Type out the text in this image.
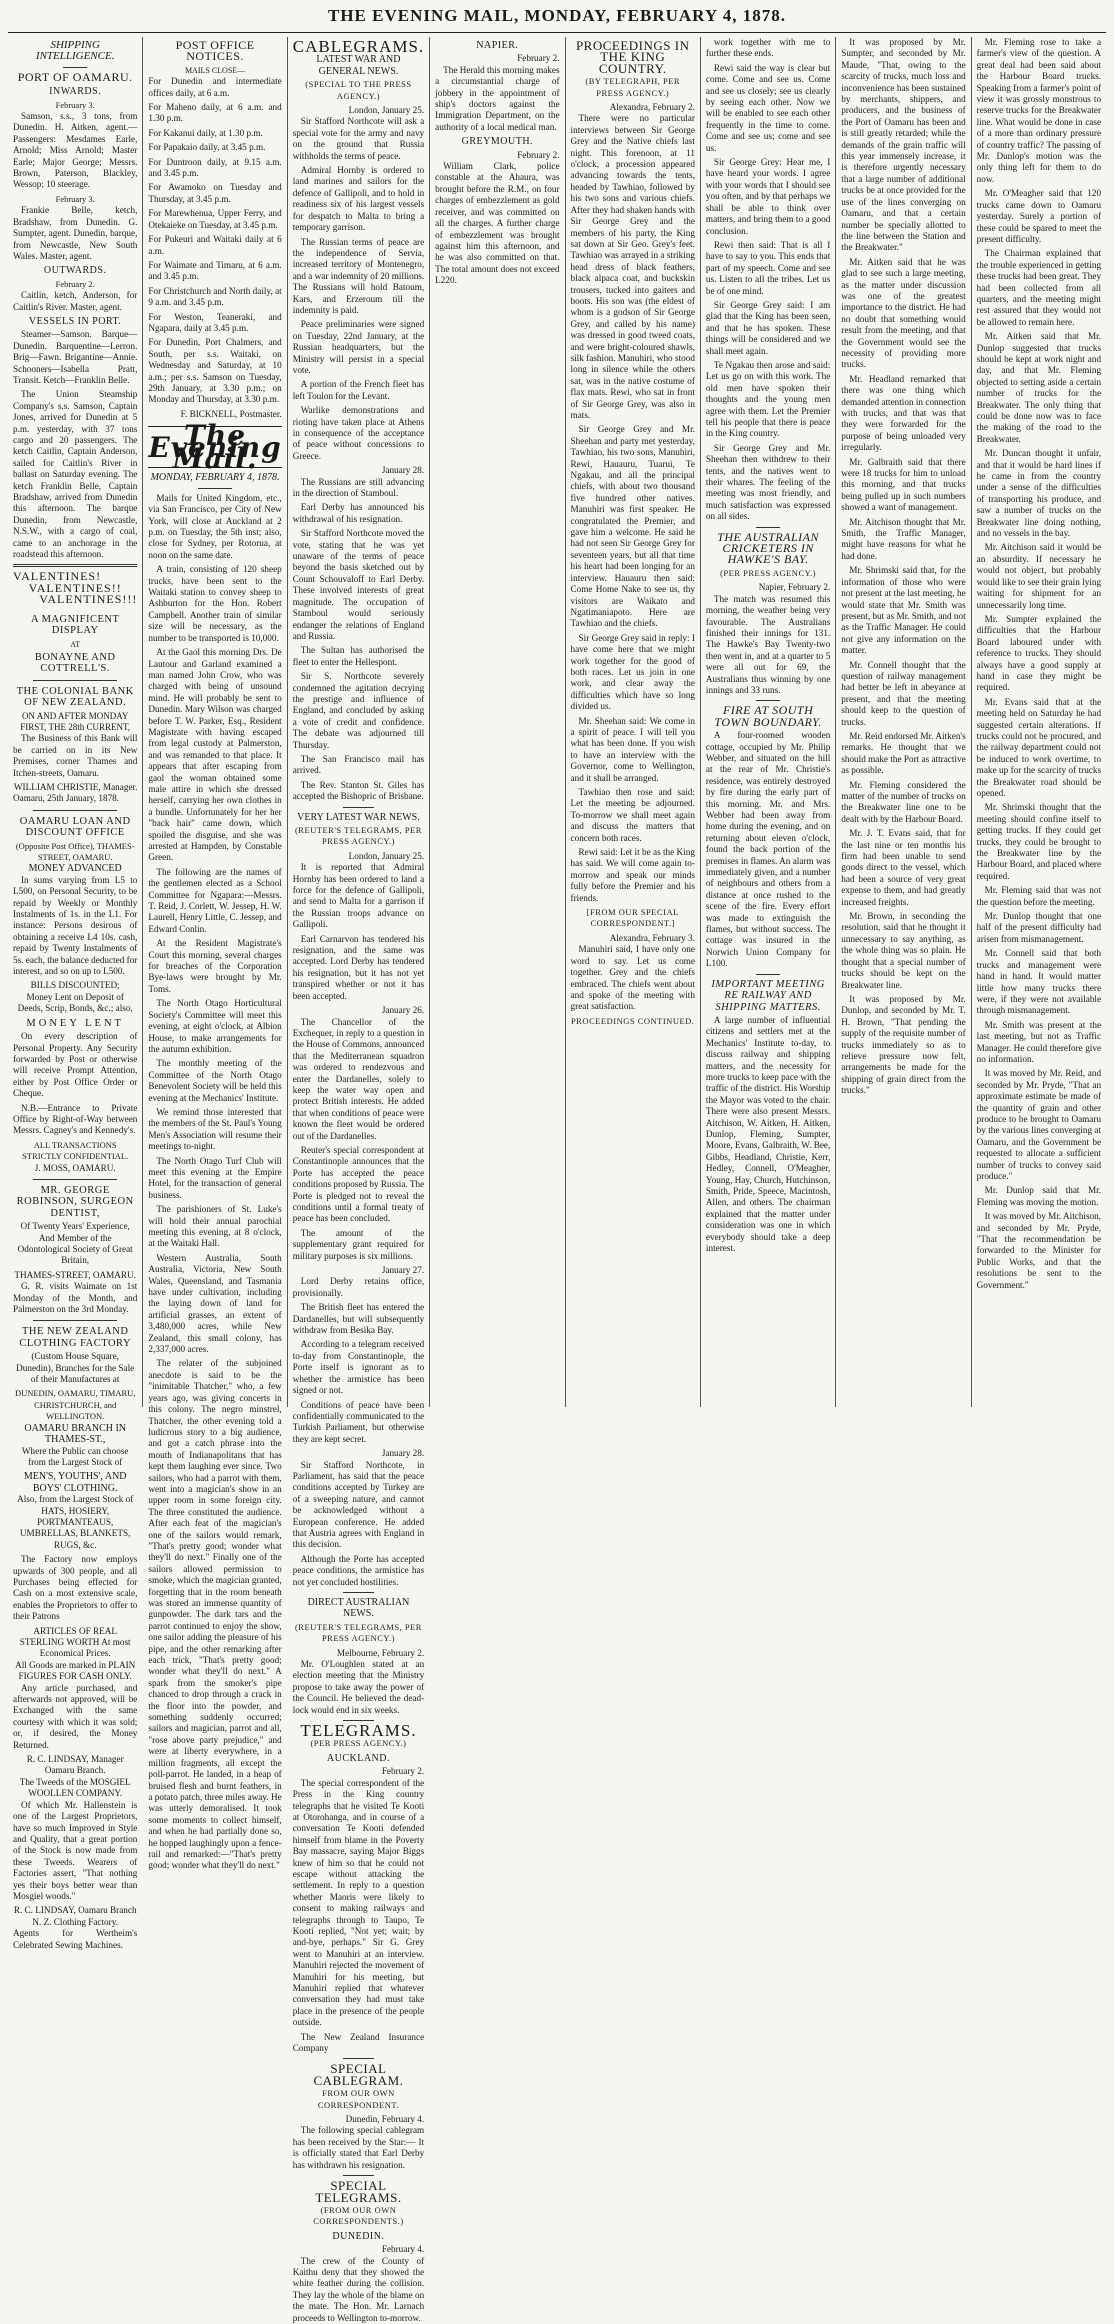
THE EVENING MAIL, MONDAY, FEBRUARY 4, 1878.
SHIPPING INTELLIGENCE.
PORT OF OAMARU.
INWARDS.
February 3.

Samson, s.s., 3 tons, from Dunedin. H. Aitken, agent.—Passengers: Mesdames Earle, Arnold; Miss Arnold; Master Earle; Major George; Messrs. Brown, Paterson, Blackley, Wessop; 10 steerage.

February 3.

Frankie Belle, ketch, Bradshaw, from Dunedin. G. Sumpter, agent. Dunedin, barque, from Newcastle, New South Wales. Master, agent.

OUTWARDS.
February 2.

Caitlin, ketch, Anderson, for Caitlin's River. Master, agent.

VESSELS IN PORT.

Steamer—Samson. Barque—Dunedin. Barquentine—Lerron. Brig—Fawn. Brigantine—Annie. Schooners—Isabella Pratt, Transit. Ketch—Franklin Belle.

The Union Steamship Company's s.s. Samson, Captain Jones, arrived for Dunedin at 5 p.m. yesterday, with 37 tons cargo and 20 passengers. The ketch Caitlin, Captain Anderson, sailed for Caitlin's River in ballast on Saturday evening. The ketch Franklin Belle, Captain Bradshaw, arrived from Dunedin this afternoon. The barque Dunedin, from Newcastle, N.S.W., with a cargo of coal, came to an anchorage in the roadstead this afternoon.

VALENTINES!
VALENTINES!!
VALENTINES!!!
A MAGNIFICENT DISPLAY
AT
BONAYNE AND COTTRELL'S.
THE COLONIAL BANK OF NEW ZEALAND.
ON AND AFTER MONDAY FIRST, THE 28th CURRENT,

The Business of this Bank will be carried on in its New Premises, corner Thames and Itchen-streets, Oamaru.

WILLIAM CHRISTIE, Manager.
Oamaru, 25th January, 1878.
OAMARU LOAN AND DISCOUNT OFFICE
(Opposite Post Office), THAMES-STREET, OAMARU.
MONEY ADVANCED

In sums varying from L5 to L500, on Personal Security, to be repaid by Weekly or Monthly Instalments of 1s. in the L1. For instance: Persons desirous of obtaining a receive L4 10s. cash, repaid by Twenty Instalments of 5s. each, the balance deducted for interest, and so on up to L500.

BILLS DISCOUNTED;

Money Lent on Deposit of Deeds, Scrip, Bonds, &c.; also,

MONEY LENT

On every description of Personal Property. Any Security forwarded by Post or otherwise will receive Prompt Attention, either by Post Office Order or Cheque.

N.B.—Entrance to Private Office by Right-of-Way between Messrs. Cagney's and Kennedy's.

ALL TRANSACTIONS STRICTLY CONFIDENTIAL.
J. MOSS, OAMARU.
MR. GEORGE ROBINSON, SURGEON DENTIST,

Of Twenty Years' Experience, And Member of the Odontological Society of Great Britain,

THAMES-STREET, OAMARU.

G. R. visits Waimate on 1st Monday of the Month, and Palmerston on the 3rd Monday.

THE NEW ZEALAND CLOTHING FACTORY

(Custom House Square, Dunedin), Branches for the Sale of their Manufactures at

DUNEDIN, OAMARU, TIMARU, CHRISTCHURCH, and WELLINGTON.
OAMARU BRANCH IN THAMES-ST.,

Where the Public can choose from the Largest Stock of

MEN'S, YOUTHS', AND BOYS' CLOTHING.

Also, from the Largest Stock of HATS, HOSIERY, PORTMANTEAUS, UMBRELLAS, BLANKETS, RUGS, &c.

The Factory now employs upwards of 300 people, and all Purchases being effected for Cash on a most extensive scale, enables the Proprietors to offer to their Patrons

ARTICLES OF REAL STERLING WORTH At most Economical Prices.
All Goods are marked in PLAIN FIGURES FOR CASH ONLY.

Any article purchased, and afterwards not approved, will be Exchanged with the same courtesy with which it was sold; or, if desired, the Money Returned.

R. C. LINDSAY, Manager Oamaru Branch.
The Tweeds of the MOSGIEL WOOLLEN COMPANY.

Of which Mr. Hallenstein is one of the Largest Proprietors, have so much Improved in Style and Quality, that a great portion of the Stock is now made from these Tweeds. Wearers of Factories assert, "That nothing yes their boys better wear than Mosgiel woods."

R. C. LINDSAY, Oamaru Branch N. Z. Clothing Factory.
Agents for Wertheim's Celebrated Sewing Machines.
POST OFFICE NOTICES.
MAILS CLOSE—

For Dunedin and intermediate offices daily, at 6 a.m.

For Maheno daily, at 6 a.m. and 1.30 p.m.

For Kakanui daily, at 1.30 p.m.

For Papakaio daily, at 3.45 p.m.

For Duntroon daily, at 9.15 a.m. and 3.45 p.m.

For Awamoko on Tuesday and Thursday, at 3.45 p.m.

For Marewhenua, Upper Ferry, and Otekaieke on Tuesday, at 3.45 p.m.

For Pukeuri and Waitaki daily at 6 a.m.

For Waimate and Timaru, at 6 a.m. and 3.45 p.m.

For Christchurch and North daily, at 9 a.m. and 3.45 p.m.

For Weston, Teaneraki, and Ngapara, daily at 3.45 p.m.

For Dunedin, Port Chalmers, and South, per s.s. Waitaki, on Wednesday and Saturday, at 10 a.m.; per s.s. Samson on Tuesday, 29th January, at 3.30 p.m.; on Monday and Thursday, at 3.30 p.m.

F. BICKNELL, Postmaster.
The Evening Mail.
MONDAY, FEBRUARY 4, 1878.

Mails for United Kingdom, etc., via San Francisco, per City of New York, will close at Auckland at 2 p.m. on Tuesday, the 5th inst; also, close for Sydney, per Rotorua, at noon on the same date.

A train, consisting of 120 sheep trucks, have been sent to the Waitaki station to convey sheep to Ashburton for the Hon. Robert Campbell. Another train of similar size will be necessary, as the number to be transported is 10,000.

At the Gaol this morning Drs. De Lautour and Garland examined a man named John Crow, who was charged with being of unsound mind. He will probably be sent to Dunedin. Mary Wilson was charged before T. W. Parker, Esq., Resident Magistrate with having escaped from legal custody at Palmerston, and was remanded to that place. It appears that after escaping from gaol the woman obtained some male attire in which she dressed herself, carrying her own clothes in a bundle. Unfortunately for her her "back hair" came down, which spoiled the disguise, and she was arrested at Hampden, by Constable Green.

The following are the names of the gentlemen elected as a School Committee for Ngapara:—Messrs. T. Reid, J. Corlett, W. Jessep, H. W. Laurell, Henry Little, C. Jessep, and Edward Conlin.

At the Resident Magistrate's Court this morning, several charges for breaches of the Corporation Bye-laws were brought by Mr. Toms.

The North Otago Horticultural Society's Committee will meet this evening, at eight o'clock, at Albion House, to make arrangements for the autumn exhibition.

The monthly meeting of the Committee of the North Otago Benevolent Society will be held this evening at the Mechanics' Institute.

We remind those interested that the members of the St. Paul's Young Men's Association will resume their meetings to-night.

The North Otago Turf Club will meet this evening at the Empire Hotel, for the transaction of general business.

The parishioners of St. Luke's will hold their annual parochial meeting this evening, at 8 o'clock, at the Waitaki Hall.

Western Australia, South Australia, Victoria, New South Wales, Queensland, and Tasmania have under cultivation, including the laying down of land for artificial grasses, an extent of 3,480,000 acres, while New Zealand, this small colony, has 2,337,000 acres.

The relater of the subjoined anecdote is said to be the "inimitable Thatcher," who, a few years ago, was giving concerts in this colony. The negro minstrel, Thatcher, the other evening told a ludicrous story to a big audience, and got a catch phrase into the mouth of Indianapolitans that has kept them laughing ever since. Two sailors, who had a parrot with them, went into a magician's show in an upper room in some foreign city. The three constituted the audience. After each feat of the magician's one of the sailors would remark, "That's pretty good; wonder what they'll do next." Finally one of the sailors allowed permission to smoke, which the magician granted, forgetting that in the room beneath was stored an immense quantity of gunpowder. The dark tars and the parrot continued to enjoy the show, one sailor adding the pleasure of his pipe, and the other remarking after each trick, "That's pretty good; wonder what they'll do next." A spark from the smoker's pipe chanced to drop through a crack in the floor into the powder, and something suddenly occurred; sailors and magician, parrot and all, "rose above party prejudice," and were at liberty everywhere, in a million fragments, all except the poll-parrot. He landed, in a heap of bruised flesh and burnt feathers, in a potato patch, three miles away. He was utterly demoralised. It took some moments to collect himself, and when he had partially done so, he hopped laughingly upon a fence-rail and remarked:—"That's pretty good; wonder what they'll do next."

CABLEGRAMS.
LATEST WAR AND GENERAL NEWS.
(SPECIAL TO THE PRESS AGENCY.)
London, January 25.

Sir Stafford Northcote will ask a special vote for the army and navy on the ground that Russia withholds the terms of peace.

Admiral Hornby is ordered to land marines and sailors for the defence of Gallipoli, and to hold in readiness six of his largest vessels for despatch to Malta to bring a temporary garrison.

The Russian terms of peace are the independence of Servia, increased territory of Montenegro, and a war indemnity of 20 millions. The Russians will hold Batoum, Kars, and Erzeroum till the indemnity is paid.

Peace preliminaries were signed on Tuesday, 22nd January, at the Russian headquarters, but the Ministry will persist in a special vote.

A portion of the French fleet has left Toulon for the Levant.

Warlike demonstrations and rioting have taken place at Athens in consequence of the acceptance of peace without concessions to Greece.

January 28.

The Russians are still advancing in the direction of Stamboul.

Earl Derby has announced his withdrawal of his resignation.

Sir Stafford Northcote moved the vote, stating that he was yet unaware of the terms of peace beyond the basis sketched out by Count Schouvaloff to Earl Derby. These involved interests of great magnitude. The occupation of Stamboul would seriously endanger the relations of England and Russia.

The Sultan has authorised the fleet to enter the Hellespont.

Sir S. Northcote severely condemned the agitation decrying the prestige and influence of England, and concluded by asking a vote of credit and confidence. The debate was adjourned till Thursday.

The San Francisco mail has arrived.

The Rev. Stanton St. Giles has accepted the Bishopric of Brisbane.

VERY LATEST WAR NEWS.
(REUTER'S TELEGRAMS, PER PRESS AGENCY.)
London, January 25.

It is reported that Admiral Hornby has been ordered to land a force for the defence of Gallipoli, and send to Malta for a garrison if the Russian troops advance on Gallipoli.

Earl Carnarvon has tendered his resignation, and the same was accepted. Lord Derby has tendered his resignation, but it has not yet transpired whether or not it has been accepted.

January 26.

The Chancellor of the Exchequer, in reply to a question in the House of Commons, announced that the Mediterranean squadron was ordered to rendezvous and enter the Dardanelles, solely to keep the water way open and protect British interests. He added that when conditions of peace were known the fleet would be ordered out of the Dardanelles.

Reuter's special correspondent at Constantinople announces that the Porte has accepted the peace conditions proposed by Russia. The Porte is pledged not to reveal the conditions until a formal treaty of peace has been concluded.

The amount of the supplementary grant required for military purposes is six millions.

January 27.

Lord Derby retains office, provisionally.

The British fleet has entered the Dardanelles, but will subsequently withdraw from Besika Bay.

According to a telegram received to-day from Constantinople, the Porte itself is ignorant as to whether the armistice has been signed or not.

Conditions of peace have been confidentially communicated to the Turkish Parliament, but otherwise they are kept secret.

January 28.

Sir Stafford Northcote, in Parliament, has said that the peace conditions accepted by Turkey are of a sweeping nature, and cannot be acknowledged without a European conference. He added that Austria agrees with England in this decision.

Although the Porte has accepted peace conditions, the armistice has not yet concluded hostilities.

DIRECT AUSTRALIAN NEWS.
(REUTER'S TELEGRAMS, PER PRESS AGENCY.)
Melbourne, February 2.

Mr. O'Loughlen stated at an election meeting that the Ministry propose to take away the power of the Council. He believed the dead-lock would end in six weeks.

TELEGRAMS.
(PER PRESS AGENCY.)
AUCKLAND.
February 2.

The special correspondent of the Press in the King country telegraphs that he visited Te Kooti at Otorohanga, and in course of a conversation Te Kooti defended himself from blame in the Poverty Bay massacre, saying Major Biggs knew of him so that he could not escape without attacking the settlement. In reply to a question whether Maoris were likely to consent to making railways and telegraphs through to Taupo, Te Kooti replied, "Not yet; wait; by and-bye, perhaps." Sir G. Grey went to Manuhiri at an interview. Manuhiri rejected the movement of Manuhiri for his meeting, but Manuhiri replied that whatever conversation they had must take place in the presence of the people outside.

The New Zealand Insurance Company

SPECIAL CABLEGRAM.
FROM OUR OWN CORRESPONDENT.
Dunedin, February 4.

The following special cablegram has been received by the Star:— It is officially stated that Earl Derby has withdrawn his resignation.

SPECIAL TELEGRAMS.
(FROM OUR OWN CORRESPONDENTS.)
DUNEDIN.
February 4.

The crew of the County of Kaithu deny that they showed the white feather during the collision. They lay the whole of the blame on the mate. The Hon. Mr. Larnach proceeds to Wellington to-morrow.

NAPIER.
February 2.

The Herald this morning makes a circumstantial charge of jobbery in the appointment of ship's doctors against the Immigration Department, on the authority of a local medical man.

GREYMOUTH.
February 2.

William Clark, police constable at the Ahaura, was brought before the R.M., on four charges of embezzlement as gold receiver, and was committed on all the charges. A further charge of embezzlement was brought against him this afternoon, and he was also committed on that. The total amount does not exceed L220.

PROCEEDINGS IN THE KING COUNTRY.
(BY TELEGRAPH, PER PRESS AGENCY.)
Alexandra, February 2.

There were no particular interviews between Sir George Grey and the Native chiefs last night. This forenoon, at 11 o'clock, a procession appeared advancing towards the tents, headed by Tawhiao, followed by his two sons and various chiefs. After they had shaken hands with Sir George Grey and the members of his party, the King sat down at Sir Geo. Grey's feet. Tawhiao was arrayed in a striking head dress of black feathers, black alpaca coat, and buckskin trousers, tucked into gaiters and boots. His son was (the eldest of whom is a godson of Sir George Grey, and called by his name) was dressed in good tweed coats, and were bright-coloured shawls, silk fashion. Manuhiri, who stood long in silence while the others sat, was in the native costume of flax mats. Rewi, who sat in front of Sir George Grey, was also in mats.

Sir George Grey and Mr. Sheehan and party met yesterday, Tawhiao, his two sons, Manuhiri, Rewi, Hauauru, Tuarui, Te Ngakau, and all the principal chiefs, with about two thousand five hundred other natives. Manuhiri was first speaker. He congratulated the Premier, and gave him a welcome. He said he had not seen Sir George Grey for seventeen years, but all that time his heart had been longing for an interview. Hauauru then said: Come Home Nake to see us, thy visitors are Waikato and Ngatimaniapoto. Here are Tawhiao and the chiefs.

Sir George Grey said in reply: I have come here that we might work together for the good of both races. Let us join in one work, and clear away the difficulties which have so long divided us.

Mr. Sheehan said: We come in a spirit of peace. I will tell you what has been done. If you wish to have an interview with the Governor, come to Wellington, and it shall be arranged.

Tawhiao then rose and said: Let the meeting be adjourned. To-morrow we shall meet again and discuss the matters that concern both races.

Rewi said: Let it be as the King has said. We will come again to-morrow and speak our minds fully before the Premier and his friends.

[FROM OUR SPECIAL CORRESPONDENT.]
Alexandra, February 3.

Manuhiri said, I have only one word to say. Let us come together. Grey and the chiefs embraced. The chiefs went about and spoke of the meeting with great satisfaction.

PROCEEDINGS CONTINUED.

work together with me to further these ends.

Rewi said the way is clear but come. Come and see us. Come and see us closely; see us clearly by seeing each other. Now we will be enabled to see each other frequently in the time to come. Come and see us; come and see us.

Sir George Grey: Hear me, I have heard your words. I agree with your words that I should see you often, and by that perhaps we shall be able to think over matters, and bring them to a good conclusion.

Rewi then said: That is all I have to say to you. This ends that part of my speech. Come and see us. Listen to all the tribes. Let us be of one mind.

Sir George Grey said: I am glad that the King has been seen, and that he has spoken. These things will be considered and we shall meet again.

Te Ngakau then arose and said: Let us go on with this work. The old men have spoken their thoughts and the young men agree with them. Let the Premier tell his people that there is peace in the King country.

Sir George Grey and Mr. Sheehan then withdrew to their tents, and the natives went to their whares. The feeling of the meeting was most friendly, and much satisfaction was expressed on all sides.

THE AUSTRALIAN CRICKETERS IN HAWKE'S BAY.
(PER PRESS AGENCY.)
Napier, February 2.

The match was resumed this morning, the weather being very favourable. The Australians finished their innings for 131. The Hawke's Bay Twenty-two then went in, and at a quarter to 5 were all out for 69, the Australians thus winning by one innings and 33 runs.

FIRE AT SOUTH TOWN BOUNDARY.

A four-roomed wooden cottage, occupied by Mr. Philip Webber, and situated on the hill at the rear of Mr. Christie's residence, was entirely destroyed by fire during the early part of this morning. Mr. and Mrs. Webber had been away from home during the evening, and on returning about eleven o'clock, found the back portion of the premises in flames. An alarm was immediately given, and a number of neighbours and others from a distance at once rushed to the scene of the fire. Every effort was made to extinguish the flames, but without success. The cottage was insured in the Norwich Union Company for L100.

IMPORTANT MEETING RE RAILWAY AND SHIPPING MATTERS.

A large number of influential citizens and settlers met at the Mechanics' Institute to-day, to discuss railway and shipping matters, and the necessity for more trucks to keep pace with the traffic of the district. His Worship the Mayor was voted to the chair. There were also present Messrs. Aitchison, W. Aitken, H. Aitken, Dunlop, Fleming, Sumpter, Moore, Evans, Galbraith, W. Bee, Gibbs, Headland, Christie, Kerr, Hedley, Connell, O'Meagher, Young, Hay, Church, Hutchinson, Smith, Pride, Speece, Macintosh, Allen, and others. The chairman explained that the matter under consideration was one in which everybody should take a deep interest.

It was proposed by Mr. Sumpter, and seconded by Mr. Maude, "That, owing to the scarcity of trucks, much loss and inconvenience has been sustained by merchants, shippers, and producers, and the business of the Port of Oamaru has been and is still greatly retarded; while the demands of the grain traffic will this year immensely increase, it is therefore urgently necessary that a large number of additional trucks be at once provided for the use of the lines converging on Oamaru, and that a certain number be specially allotted to the line between the Station and the Breakwater."

Mr. Aitken said that he was glad to see such a large meeting, as the matter under discussion was one of the greatest importance to the district. He had no doubt that something would result from the meeting, and that the Government would see the necessity of providing more trucks.

Mr. Headland remarked that there was one thing which demanded attention in connection with trucks, and that was that they were forwarded for the purpose of being unloaded very irregularly.

Mr. Galbraith said that there were 18 trucks for him to unload this morning, and that trucks being pulled up in such numbers showed a want of management.

Mr. Aitchison thought that Mr. Smith, the Traffic Manager, might have reasons for what he had done.

Mr. Shrimski said that, for the information of those who were not present at the last meeting, he would state that Mr. Smith was present, but as Mr. Smith, and not as the Traffic Manager. He could not give any information on the matter.

Mr. Connell thought that the question of railway management had better be left in abeyance at present, and that the meeting should keep to the question of trucks.

Mr. Reid endorsed Mr. Aitken's remarks. He thought that we should make the Port as attractive as possible.

Mr. Fleming considered the matter of the number of trucks on the Breakwater line one to be dealt with by the Harbour Board.

Mr. J. T. Evans said, that for the last nine or ten months his firm had been unable to send goods direct to the vessel, which had been a source of very great expense to them, and had greatly increased freights.

Mr. Brown, in seconding the resolution, said that he thought it unnecessary to say anything, as the whole thing was so plain. He thought that a special number of trucks should be kept on the Breakwater line.

It was proposed by Mr. Dunlop, and seconded by Mr. T. H. Brown, "That pending the supply of the requisite number of trucks immediately so as to relieve pressure now felt, arrangements be made for the shipping of grain direct from the trucks."

Mr. Fleming rose to take a farmer's view of the question. A great deal had been said about the Harbour Board trucks. Speaking from a farmer's point of view it was grossly monstrous to reserve trucks for the Breakwater line. What would be done in case of a more than ordinary pressure of country traffic? The passing of Mr. Dunlop's motion was the only thing left for them to do now.

Mr. O'Meagher said that 120 trucks came down to Oamaru yesterday. Surely a portion of these could be spared to meet the present difficulty.

The Chairman explained that the trouble experienced in getting these trucks had been great. They had been collected from all quarters, and the meeting might rest assured that they would not be allowed to remain here.

Mr. Aitken said that Mr. Dunlop suggested that trucks should be kept at work night and day, and that Mr. Fleming objected to setting aside a certain number of trucks for the Breakwater. The only thing that could be done now was to face the making of the road to the Breakwater.

Mr. Duncan thought it unfair, and that it would be hard lines if he came in from the country under a sense of the difficulties of transporting his produce, and saw a number of trucks on the Breakwater line doing nothing, and no vessels in the bay.

Mr. Aitchison said it would be an absurdity. If necessary he would not object, but probably would like to see their grain lying waiting for shipment for an unnecessarily long time.

Mr. Sumpter explained the difficulties that the Harbour Board laboured under with reference to trucks. They should always have a good supply at hand in case they might be required.

Mr. Evans said that at the meeting held on Saturday he had suggested certain alterations. If trucks could not be procured, and the railway department could not be induced to work overtime, to make up for the scarcity of trucks the Breakwater road should be opened.

Mr. Shrimski thought that the meeting should confine itself to getting trucks. If they could get trucks, they could be brought to the Breakwater line by the Harbour Board, and placed where required.

Mr. Fleming said that was not the question before the meeting.

Mr. Dunlop thought that one half of the present difficulty had arisen from mismanagement.

Mr. Connell said that both trucks and management were hand in hand. It would matter little how many trucks there were, if they were not available through mismanagement.

Mr. Smith was present at the last meeting, but not as Traffic Manager. He could therefore give no information.

It was moved by Mr. Reid, and seconded by Mr. Pryde, "That an approximate estimate be made of the quantity of grain and other produce to be brought to Oamaru by the various lines converging at Oamaru, and the Government be requested to allocate a sufficient number of trucks to convey said produce."

Mr. Dunlop said that Mr. Fleming was moving the motion.

It was moved by Mr. Aitchison, and seconded by Mr. Pryde, "That the recommendation be forwarded to the Minister for Public Works, and that the resolutions be sent to the Government."
